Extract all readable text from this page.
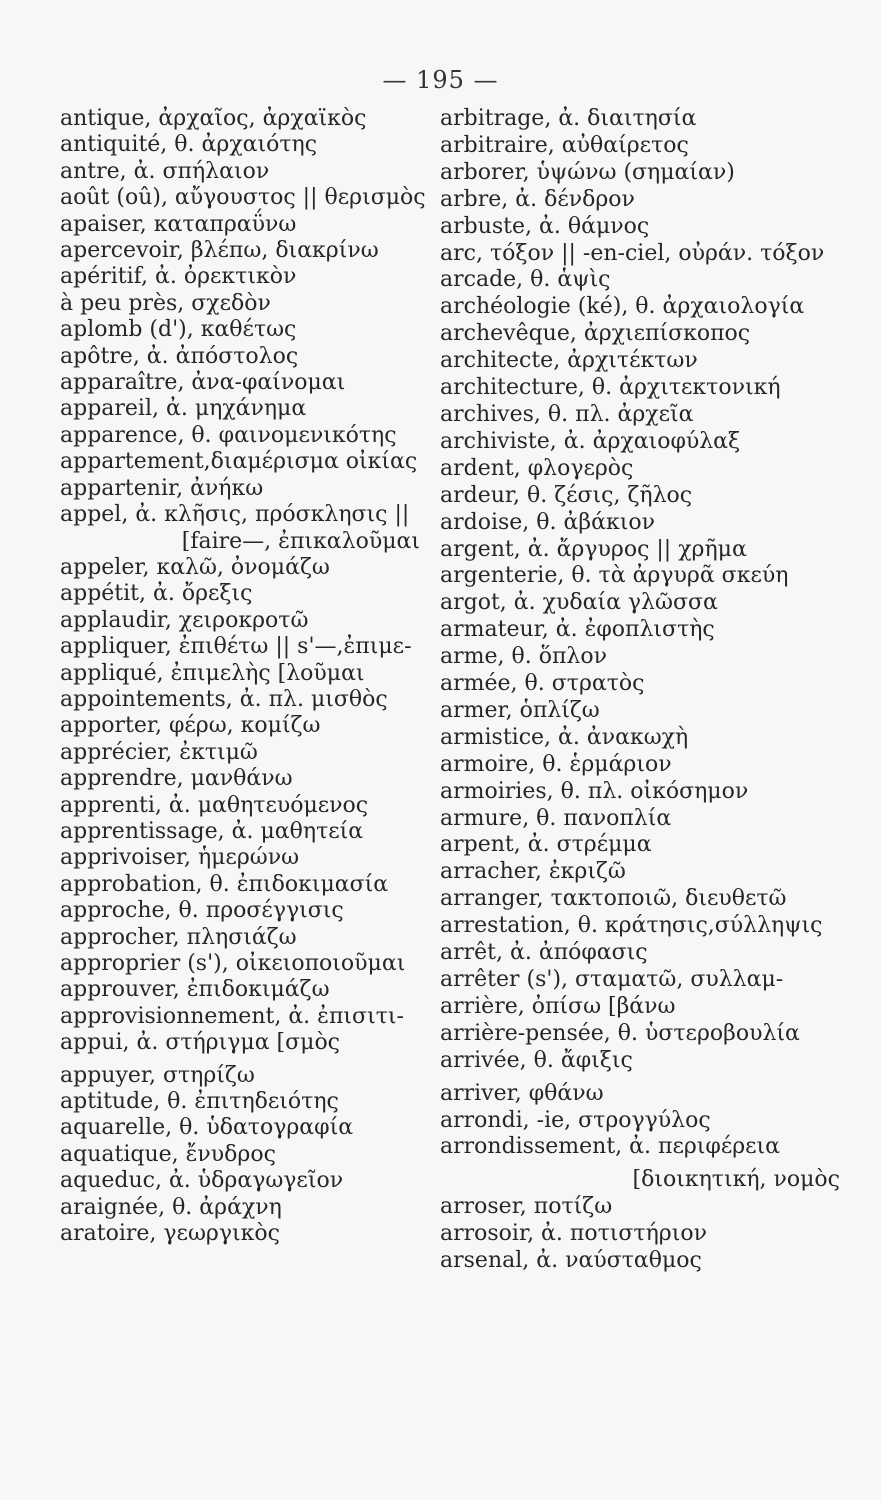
— 195 —
antique, ἀρχαῖος, ἀρχαϊκὸς
antiquité, θ. ἀρχαιότης
antre, ἀ. σπήλαιον
août (oû), αὔγουστος || θερισμὸς
apaiser, καταπραΰνω
apercevoir, βλέπω, διακρίνω
apéritif, ἀ. ὀρεκτικὸν
à peu près, σχεδὸν
aplomb (d'), καθέτως
apôtre, ἀ. ἀπόστολος
apparaître, ἀνα-φαίνομαι
appareil, ἀ. μηχάνημα
apparence, θ. φαινομενικότης
appartement,διαμέρισμα οἰκίας
appartenir, ἀνήκω
appel, ἀ. κλῆσις, πρόσκλησις ||
[faire—, ἐπικαλοῦμαι
appeler, καλῶ, ὀνομάζω
appétit, ἀ. ὄρεξις
applaudir, χειροκροτῶ
appliquer, ἐπιθέτω || s'—,ἐπιμε-
appliqué, ἐπιμελὴς [λοῦμαι
appointements, ἀ. πλ. μισθὸς
apporter, φέρω, κομίζω
apprécier, ἐκτιμῶ
apprendre, μανθάνω
apprenti, ἀ. μαθητευόμενος
apprentissage, ἀ. μαθητεία
apprivoiser, ἡμερώνω
approbation, θ. ἐπιδοκιμασία
approche, θ. προσέγγισις
approcher, πλησιάζω
approprier (s'), οἰκειοποιοῦμαι
approuver, ἐπιδοκιμάζω
approvisionnement, ἀ. ἐπισιτι-
appui, ἀ. στήριγμα [σμὸς
appuyer, στηρίζω
aptitude, θ. ἐπιτηδειότης
aquarelle, θ. ὑδατογραφία
aquatique, ἔνυδρος
aqueduc, ἀ. ὑδραγωγεῖον
araignée, θ. ἀράχνη
aratoire, γεωργικὸς
arbitrage, ἀ. διαιτησία
arbitraire, αὐθαίρετος
arborer, ὑψώνω (σημαίαν)
arbre, ἀ. δένδρον
arbuste, ἀ. θάμνος
arc, τόξον || -en-ciel, οὐράν. τόξον
arcade, θ. ἁψὶς
archéologie (ké), θ. ἀρχαιολογία
archevêque, ἀρχιεπίσκοπος
architecte, ἀρχιτέκτων
architecture, θ. ἀρχιτεκτονική
archives, θ. πλ. ἀρχεῖα
archiviste, ἀ. ἀρχαιοφύλαξ
ardent, φλογερὸς
ardeur, θ. ζέσις, ζῆλος
ardoise, θ. ἀβάκιον
argent, ἀ. ἄργυρος || χρῆμα
argenterie, θ. τὰ ἀργυρᾶ σκεύη
argot, ἀ. χυδαία γλῶσσα
armateur, ἀ. ἐφοπλιστὴς
arme, θ. ὅπλον
armée, θ. στρατὸς
armer, ὁπλίζω
armistice, ἀ. ἀνακωχὴ
armoire, θ. ἑρμάριον
armoiries, θ. πλ. οἰκόσημον
armure, θ. πανοπλία
arpent, ἀ. στρέμμα
arracher, ἐκριζῶ
arranger, τακτοποιῶ, διευθετῶ
arrestation, θ. κράτησις,σύλληψις
arrêt, ἀ. ἀπόφασις
arrêter (s'), σταματῶ, συλλαμ-
arrière, ὀπίσω [βάνω
arrière-pensée, θ. ὑστεροβουλία
arrivée, θ. ἄφιξις
arriver, φθάνω
arrondi, -ie, στρογγύλος
arrondissement, ἀ. περιφέρεια
[διοικητική, νομὸς
arroser, ποτίζω
arrosoir, ἀ. ποτιστήριον
arsenal, ἀ. ναύσταθμος
